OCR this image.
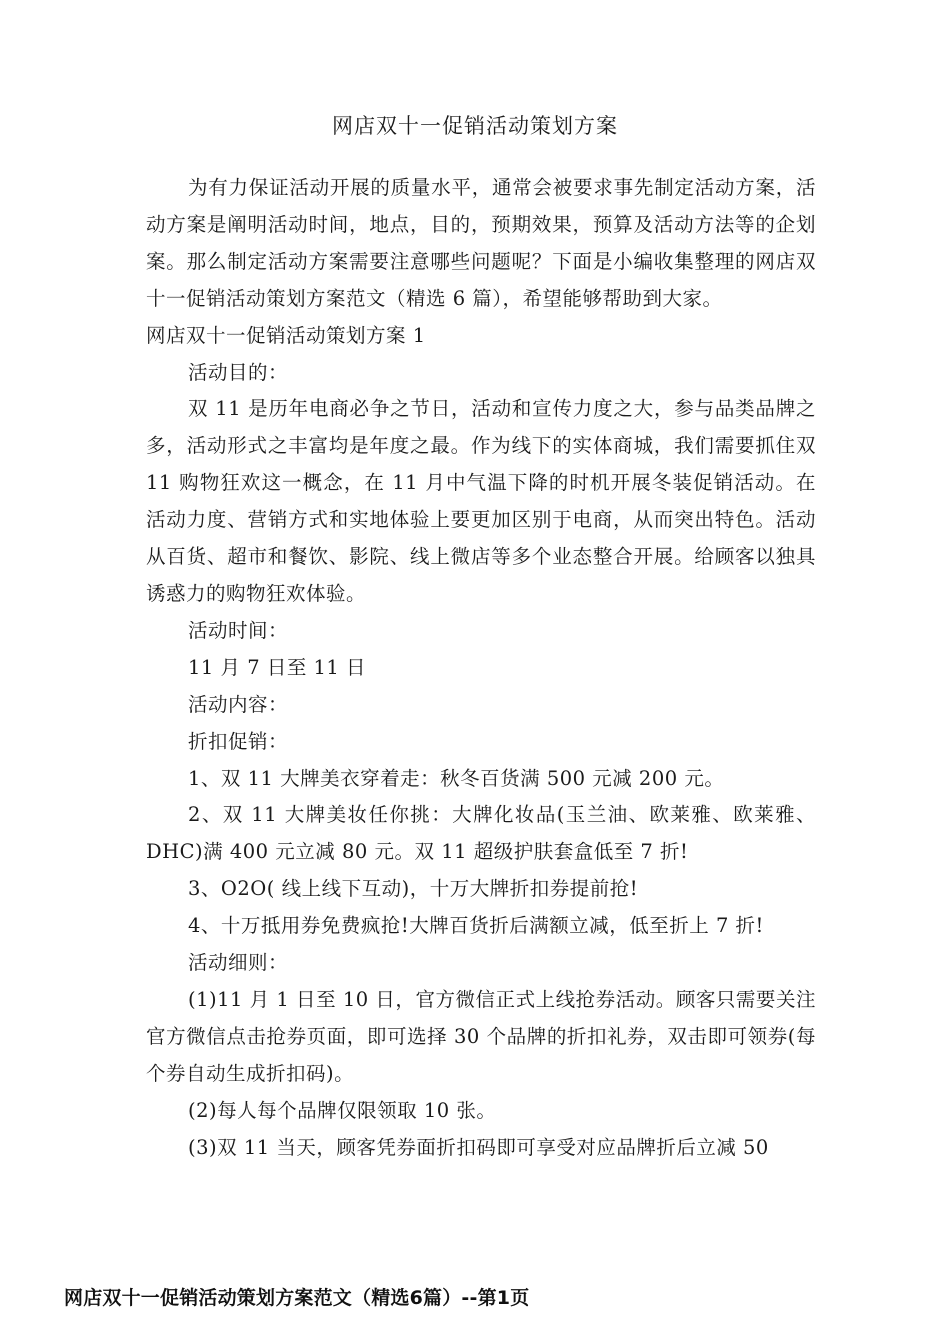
网店双十一促销活动策划方案

为有力保证活动开展的质量水平，通常会被要求事先制定活动方案，活动方案是阐明活动时间，地点，目的，预期效果，预算及活动方法等的企划案。那么制定活动方案需要注意哪些问题呢？下面是小编收集整理的网店双十一促销活动策划方案范文（精选 6 篇），希望能够帮助到大家。

网店双十一促销活动策划方案 1

活动目的：

双 11 是历年电商必争之节日，活动和宣传力度之大，参与品类品牌之多，活动形式之丰富均是年度之最。作为线下的实体商城，我们需要抓住双 11 购物狂欢这一概念，在 11 月中气温下降的时机开展冬装促销活动。在活动力度、营销方式和实地体验上要更加区别于电商，从而突出特色。活动从百货、超市和餐饮、影院、线上微店等多个业态整合开展。给顾客以独具诱惑力的购物狂欢体验。

活动时间：

11 月 7 日至 11 日

活动内容：

折扣促销：

1、双 11 大牌美衣穿着走：秋冬百货满 500 元减 200 元。

2、双 11 大牌美妆任你挑：大牌化妆品(玉兰油、欧莱雅、欧莱雅、DHC)满 400 元立减 80 元。双 11 超级护肤套盒低至 7 折!

3、O2O( 线上线下互动)，十万大牌折扣券提前抢!

4、十万抵用券免费疯抢!大牌百货折后满额立减，低至折上 7 折!

活动细则：

(1)11 月 1 日至 10 日，官方微信正式上线抢券活动。顾客只需要关注官方微信点击抢券页面，即可选择 30 个品牌的折扣礼券，双击即可领券(每个券自动生成折扣码)。

(2)每人每个品牌仅限领取 10 张。

(3)双 11 当天，顾客凭券面折扣码即可享受对应品牌折后立减 50

网店双十一促销活动策划方案范文（精选6篇）--第1页
